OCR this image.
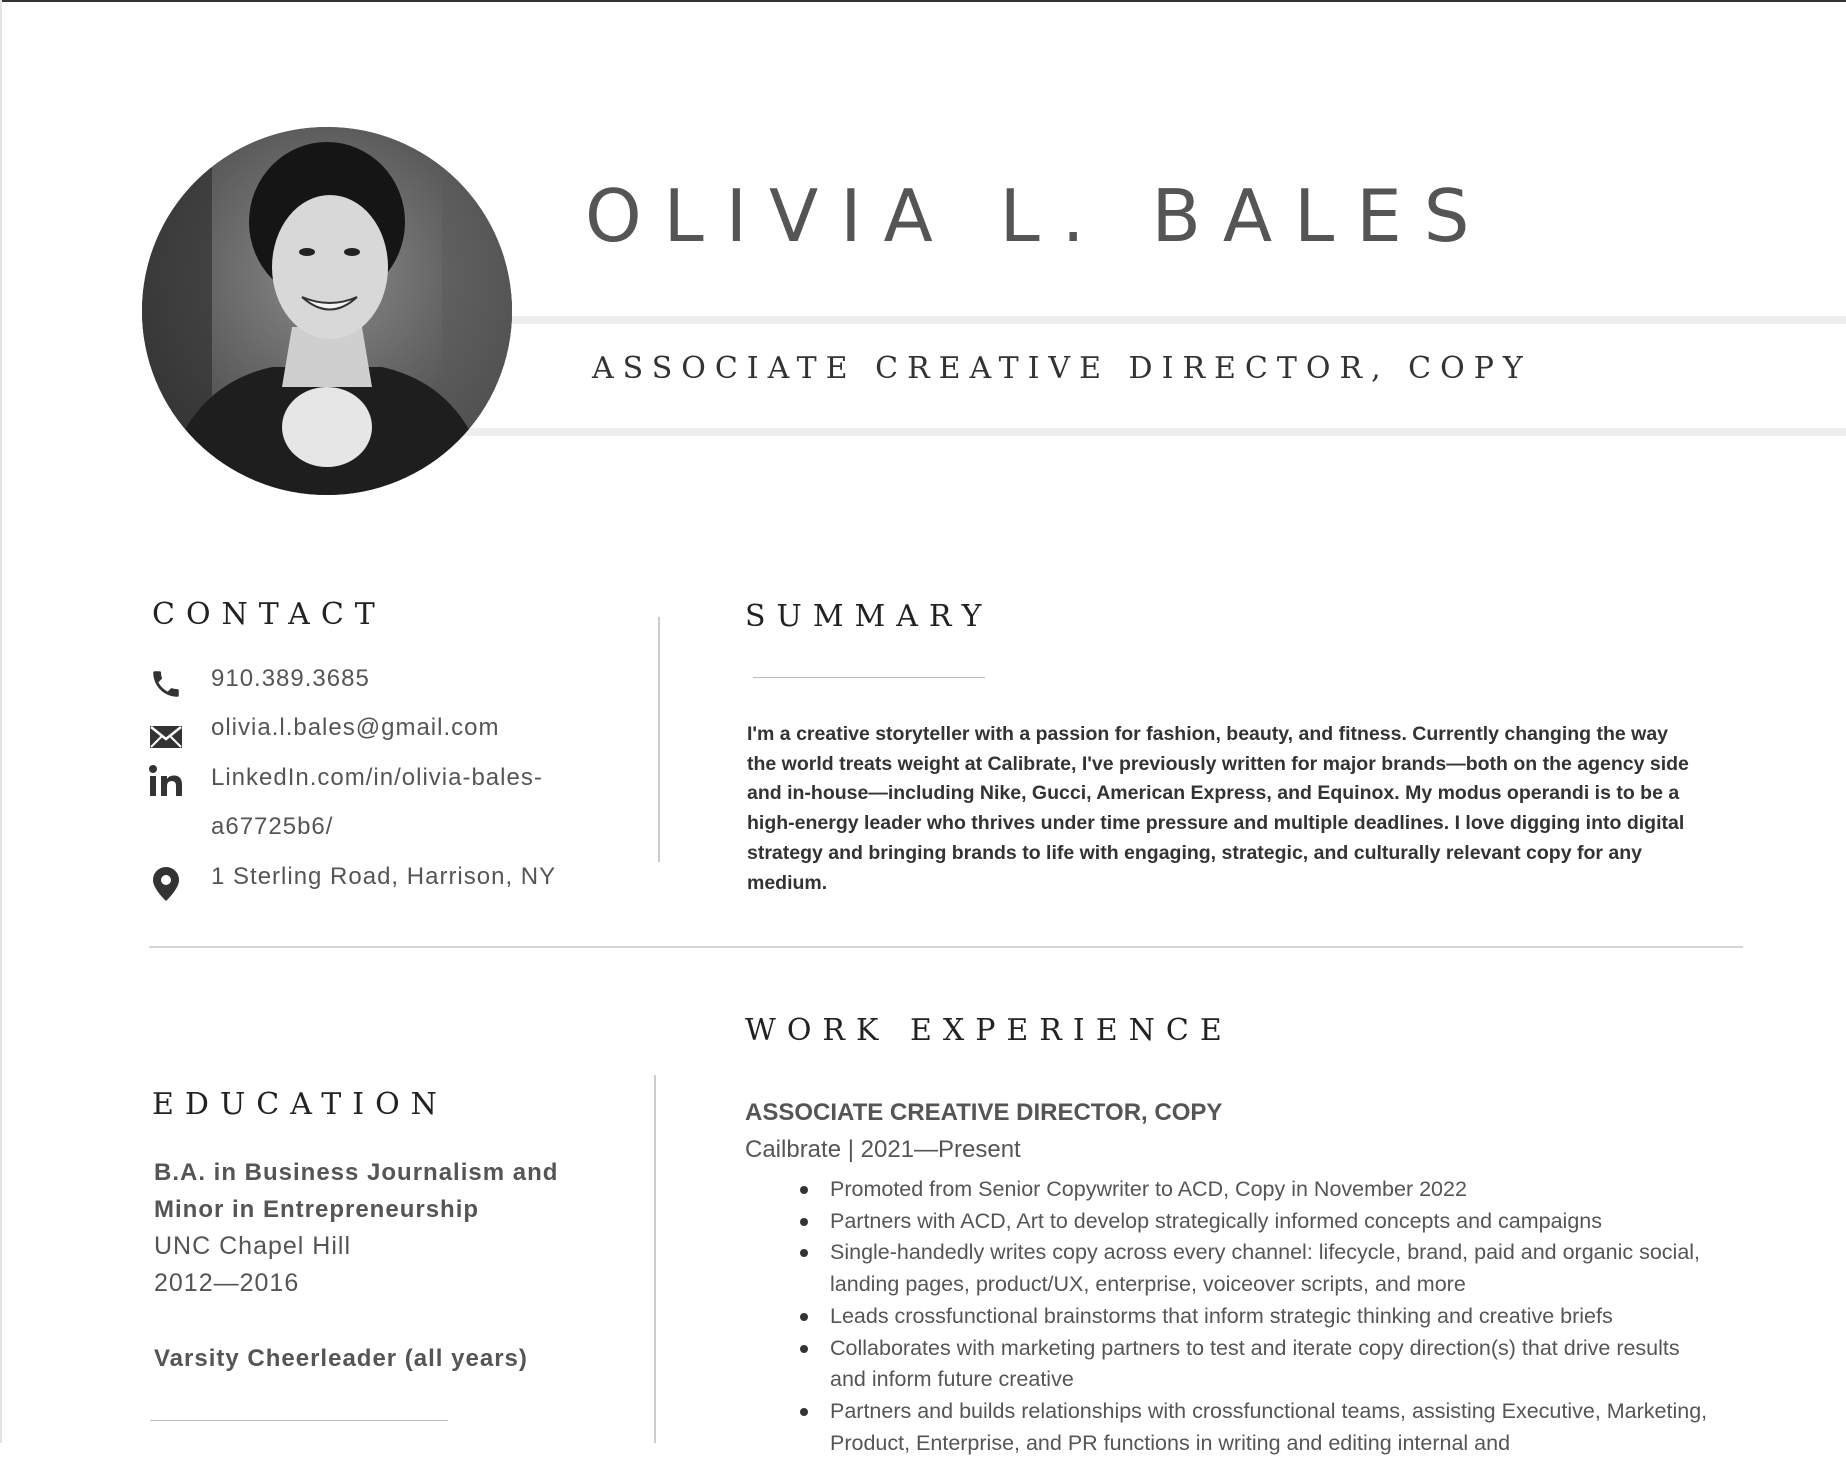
OLIVIA L. BALES
ASSOCIATE CREATIVE DIRECTOR, COPY
CONTACT
910.389.3685
olivia.l.bales@gmail.com
LinkedIn.com/in/olivia-bales-
a67725b6/
1 Sterling Road, Harrison, NY
SUMMARY
I'm a creative storyteller with a passion for fashion, beauty, and fitness. Currently changing the way the world treats weight at Calibrate, I've previously written for major brands—both on the agency side and in-house—including Nike, Gucci, American Express, and Equinox. My modus operandi is to be a high-energy leader who thrives under time pressure and multiple deadlines. I love digging into digital strategy and bringing brands to life with engaging, strategic, and culturally relevant copy for any medium.
EDUCATION
B.A. in Business Journalism and
Minor in Entrepreneurship
UNC Chapel Hill
2012—2016
Varsity Cheerleader (all years)
WORK EXPERIENCE
ASSOCIATE CREATIVE DIRECTOR, COPY
Cailbrate | 2021—Present
Promoted from Senior Copywriter to ACD, Copy in November 2022
Partners with ACD, Art to develop strategically informed concepts and campaigns
Single-handedly writes copy across every channel: lifecycle, brand, paid and organic social, landing pages, product/UX, enterprise, voiceover scripts, and more
Leads crossfunctional brainstorms that inform strategic thinking and creative briefs
Collaborates with marketing partners to test and iterate copy direction(s) that drive results and inform future creative
Partners and builds relationships with crossfunctional teams, assisting Executive, Marketing, Product, Enterprise, and PR functions in writing and editing internal and
